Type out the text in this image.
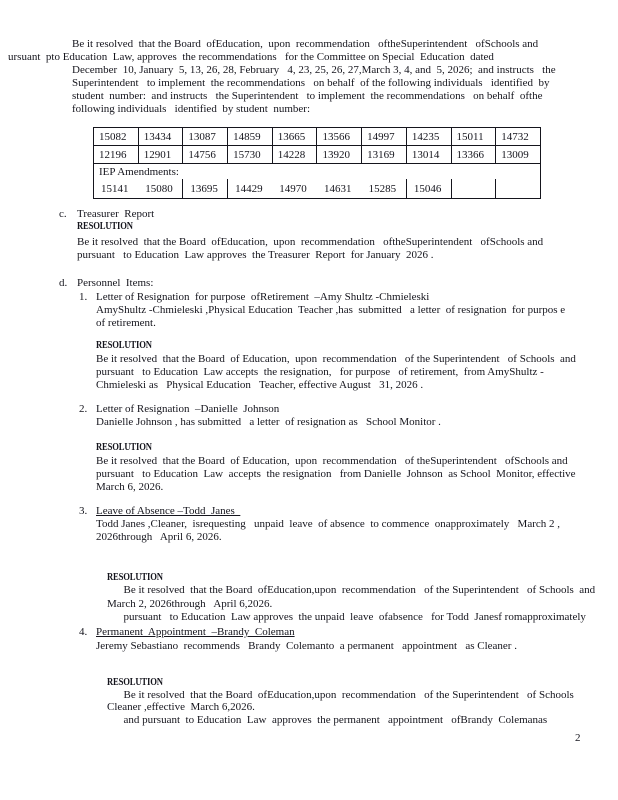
Be it resolved  that the Board  ofEducation,  upon  recommendation   oftheSuperintendent   ofSchools and
ursuant  pto Education  Law, approves  the recommendations   for the Committee on Special  Education  dated
December  10, January  5, 13, 26, 28, February   4, 23, 25, 26, 27,March 3, 4, and  5, 2026;  and instructs   the
Superintendent   to implement  the recommendations   on behalf  of the following individuals   identified  by
student  number:  and instructs   the Superintendent   to implement  the recommendations   on behalf  ofthe
following individuals   identified  by student  number:
15082	13434	13087	14859	13665	13566	14997	14235	15011	14732
12196	12901	14756	15730	14228	13920	13169	13014	13366	13009
IEP Amendments:									
15141	15080	13695	14429	14970	14631	15285	15046		
c. Treasurer  Report
RESOLUTION
Be it resolved  that the Board  ofEducation,  upon  recommendation   oftheSuperintendent   ofSchools and
pursuant   to Education  Law approves  the Treasurer  Report  for January  2026 .
d. Personnel  Items:
1. Letter of Resignation  for purpose  ofRetirement  –Amy Shultz -Chmieleski
AmyShultz -Chmieleski ,Physical Education  Teacher ,has  submitted   a letter  of resignation  for purpos e
of retirement.
RESOLUTION
Be it resolved  that the Board  of Education,  upon  recommendation   of the Superintendent   of Schools  and
pursuant   to Education  Law accepts  the resignation,   for purpose   of retirement,  from AmyShultz -
Chmieleski as   Physical Education   Teacher, effective August   31, 2026 .
2. Letter of Resignation  –Danielle  Johnson
Danielle Johnson , has submitted   a letter  of resignation as   School Monitor .
RESOLUTION
Be it resolved  that the Board  of Education,  upon  recommendation   of theSuperintendent   ofSchools and
pursuant   to Education  Law  accepts  the resignation   from Danielle  Johnson  as School  Monitor, effective
March 6, 2026.
3. Leave of Absence –Todd  Janes
Todd Janes ,Cleaner,  isrequesting   unpaid  leave  of absence  to commence  onapproximately   March 2 ,
2026through   April 6, 2026.

Be it resolved  that the Board  ofEducation,upon  recommendation   of the Superintendent   of Schools  and

RESOLUTION

pursuant   to Education  Law approves  the unpaid  leave  ofabsence   for Todd  Janesf romapproximately

March 2, 2026through   April 6,2026.

4. Permanent  Appointment  –Brandy  Coleman
Jeremy Sebastiano  recommends   Brandy  Colemanto  a permanent   appointment   as Cleaner .

Be it resolved  that the Board  ofEducation,upon  recommendation   of the Superintendent   of Schools

RESOLUTION

and pursuant  to Education  Law  approves  the permanent   appointment   ofBrandy  Colemanas

Cleaner ,effective  March 6,2026.

2
